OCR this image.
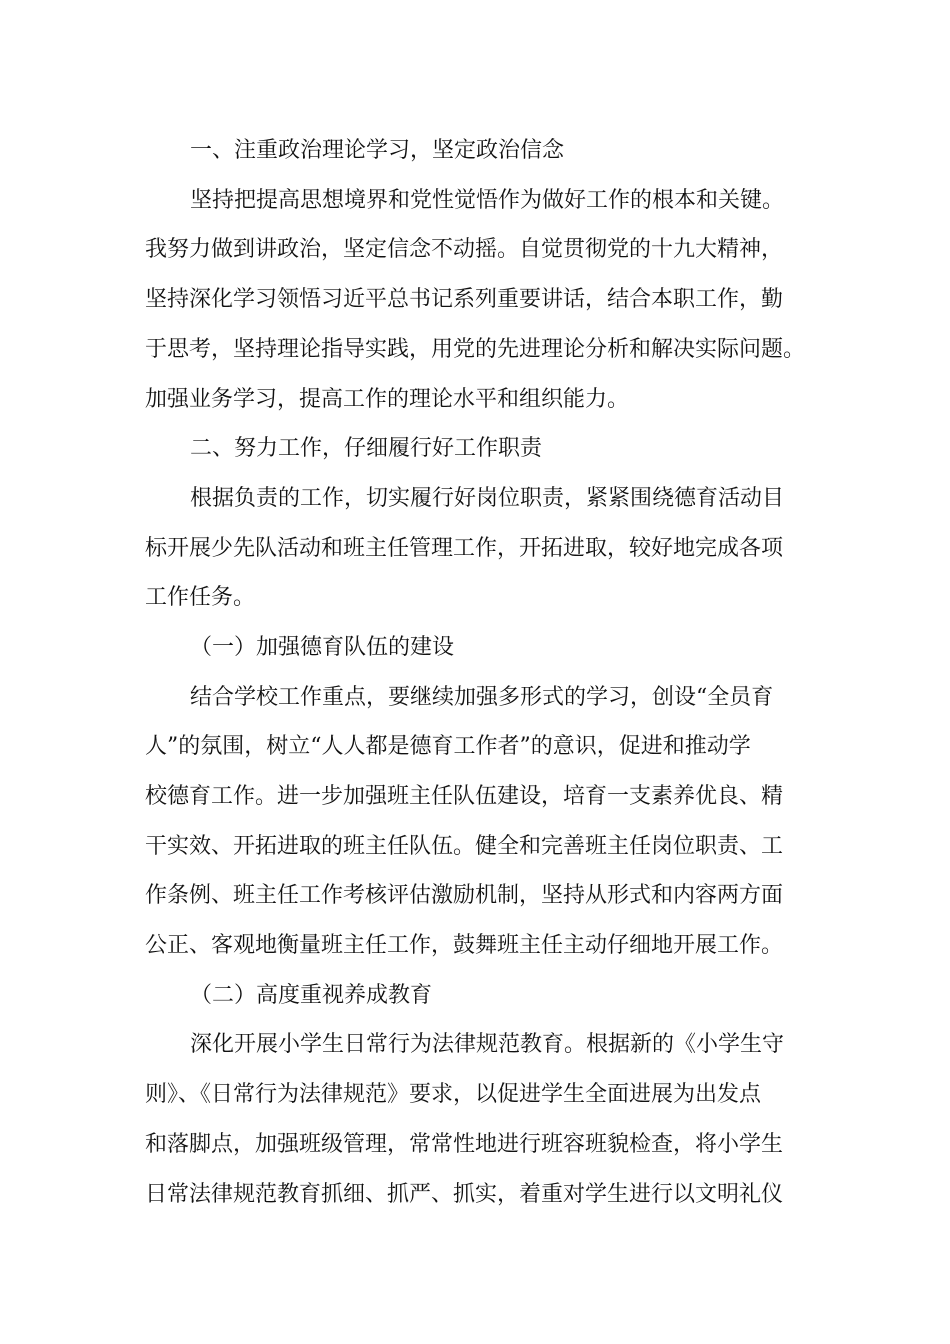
一、注重政治理论学习，坚定政治信念
坚持把提高思想境界和党性觉悟作为做好工作的根本和关键。
我努力做到讲政治，坚定信念不动摇。自觉贯彻党的十九大精神，
坚持深化学习领悟习近平总书记系列重要讲话，结合本职工作，勤
于思考，坚持理论指导实践，用党的先进理论分析和解决实际问题。
加强业务学习，提高工作的理论水平和组织能力。
二、努力工作，仔细履行好工作职责
根据负责的工作，切实履行好岗位职责，紧紧围绕德育活动目
标开展少先队活动和班主任管理工作，开拓进取，较好地完成各项
工作任务。
（一）加强德育队伍的建设
结合学校工作重点，要继续加强多形式的学习，创设“全员育
人”的氛围，树立“人人都是德育工作者”的意识，促进和推动学
校德育工作。进一步加强班主任队伍建设，培育一支素养优良、精
干实效、开拓进取的班主任队伍。健全和完善班主任岗位职责、工
作条例、班主任工作考核评估激励机制，坚持从形式和内容两方面
公正、客观地衡量班主任工作，鼓舞班主任主动仔细地开展工作。
（二）高度重视养成教育
深化开展小学生日常行为法律规范教育。根据新的《小学生守
则》、《日常行为法律规范》要求，以促进学生全面进展为出发点
和落脚点，加强班级管理，常常性地进行班容班貌检查，将小学生
日常法律规范教育抓细、抓严、抓实，着重对学生进行以文明礼仪
